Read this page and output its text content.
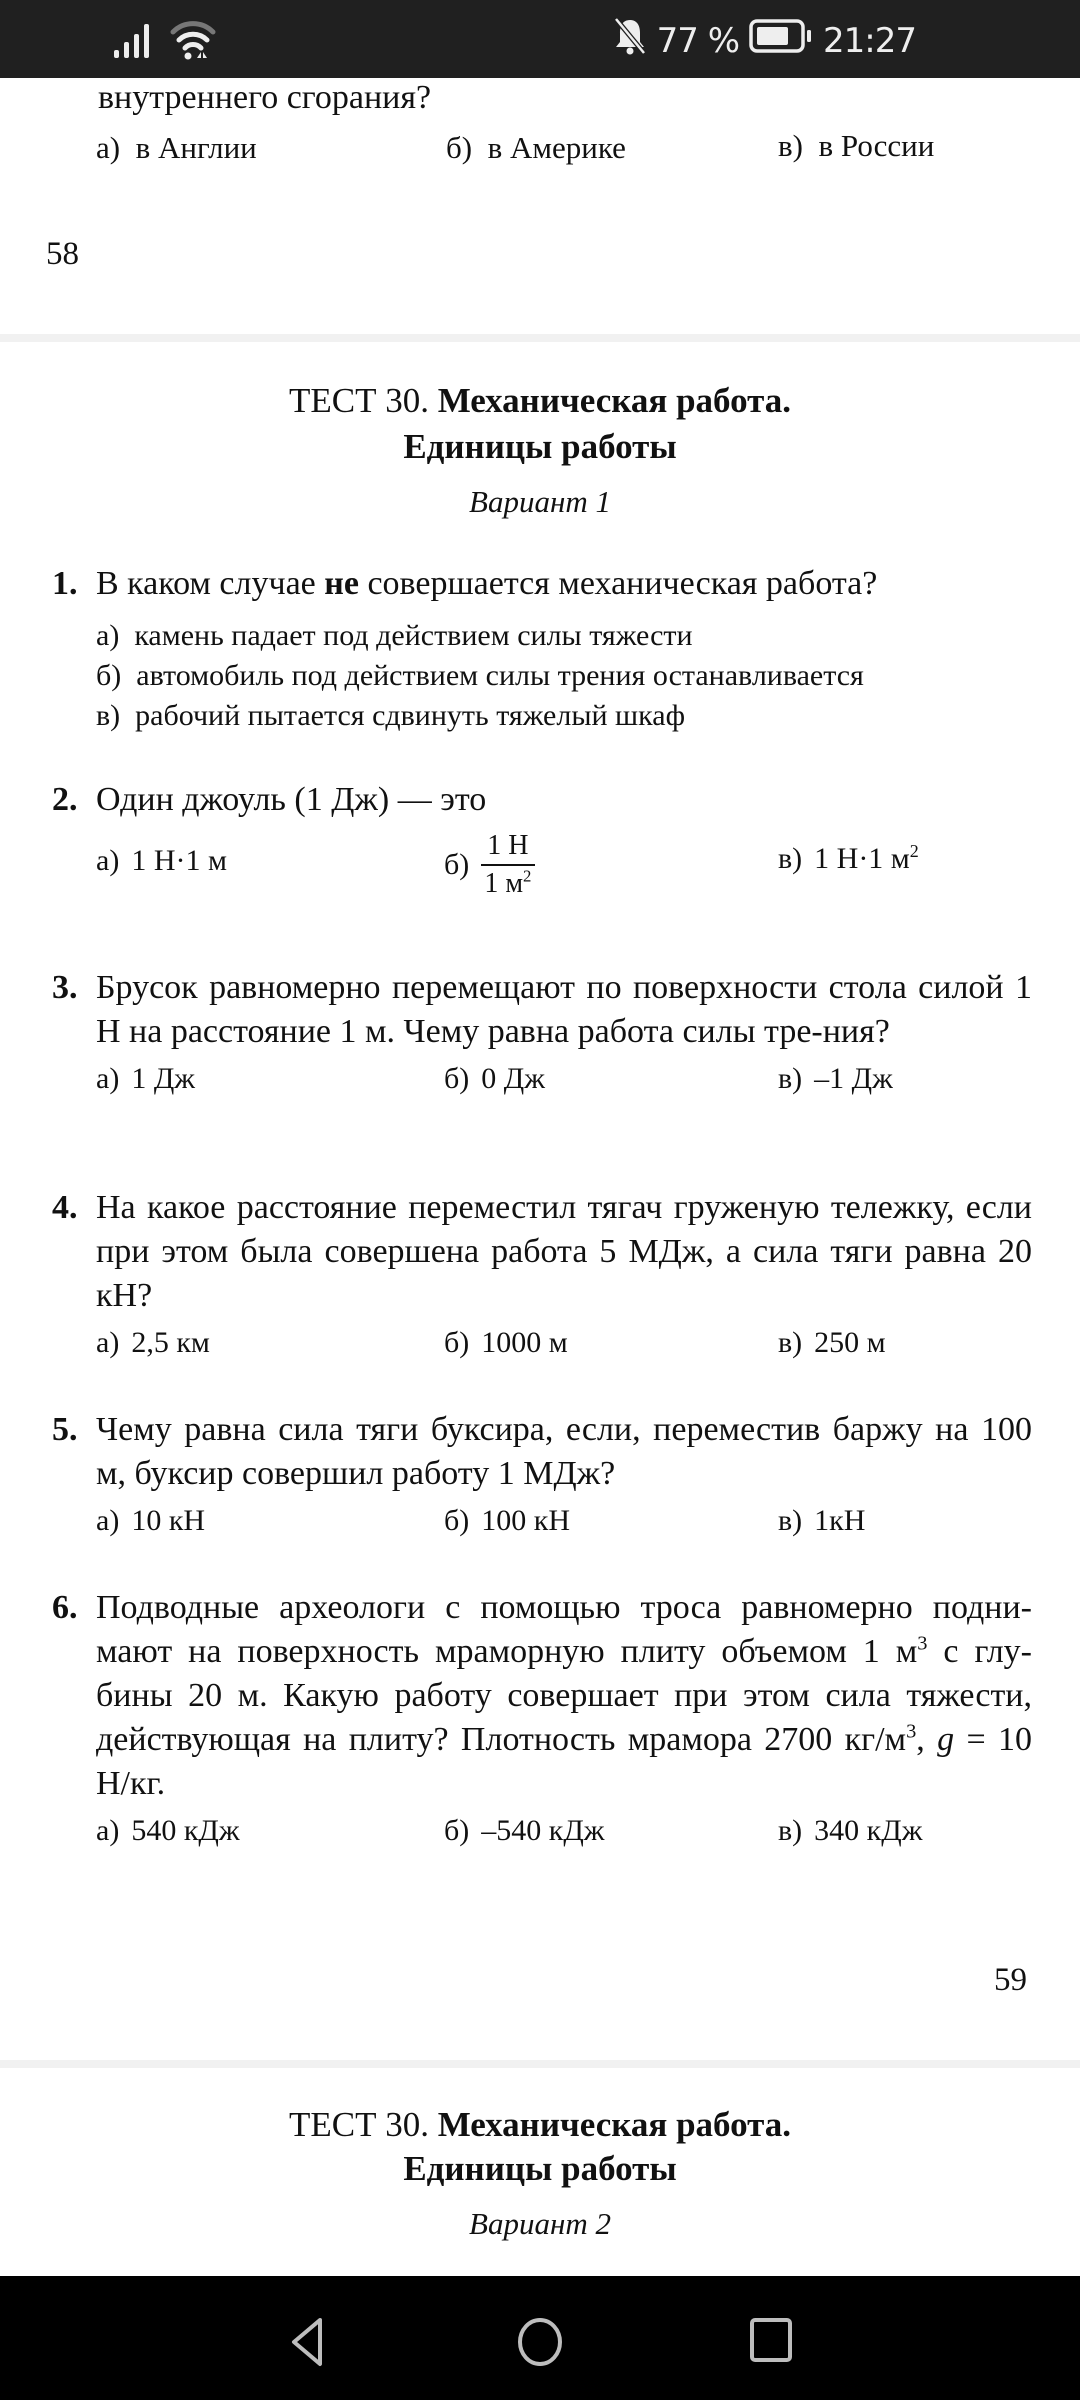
77 % 21:27
внутреннего сгорания?
а) в Англии	б) в Америке	в) в России
58
ТЕСТ 30. Механическая работа.
Единицы работы
Вариант 1
1. В каком случае не совершается механическая работа?
а) камень падает под действием силы тяжести
б) автомобиль под действием силы трения останавливается
в) рабочий пытается сдвинуть тяжелый шкаф
2. Один джоуль (1 Дж) — это
а) 1 Н·1 м	$б) \frac{1 Н}{1 м^2}$	в) 1 Н·1 $м^2$
3. Брусок равномерно перемещают по поверхности стола силой 1 Н на расстояние 1 м. Чему равна работа силы тре-ния?
а) 1 Дж	б) 0 Дж	в) –1 Дж
4. На какое расстояние переместил тягач груженую тележку, если при этом была совершена работа 5 МДж, а сила тяги равна 20 кН?
а) 2,5 км	б) 1000 м	в) 250 м
5. Чему равна сила тяги буксира, если, переместив баржу на 100 м, буксир совершил работу 1 МДж?
а) 10 кН	б) 100 кН	в) 1кН
6. Подводные археологи с помощью троса равномерно подни-мают на поверхность мраморную плиту объемом 1 $м^3$ с глу-бины 20 м. Какую работу совершает при этом сила тяжести, действующая на плиту? Плотность мрамора 2700 $кг/м^3$, g = 10 Н/кг.
а) 540 кДж	б) –540 кДж	в) 340 кДж
59
ТЕСТ 30. Механическая работа.
Единицы работы
Вариант 2
